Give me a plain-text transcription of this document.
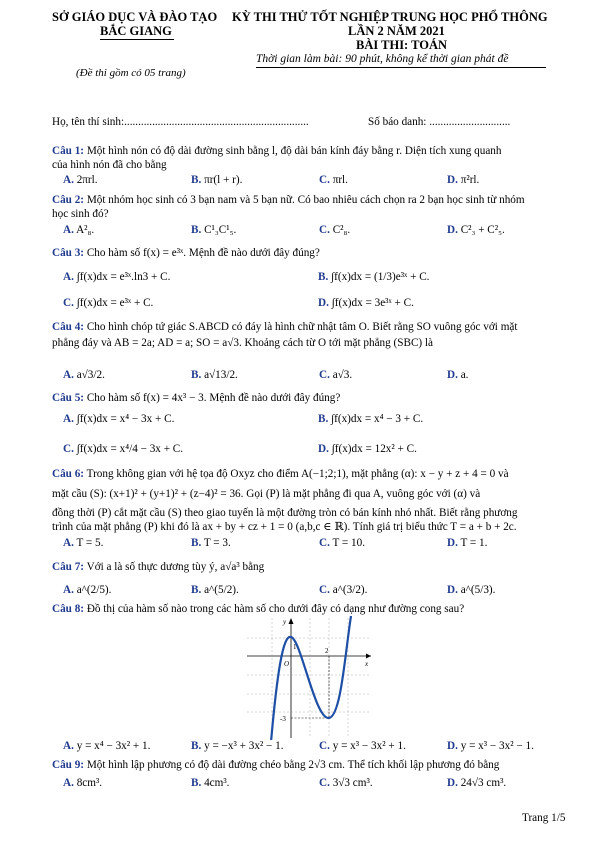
SỞ GIÁO DỤC VÀ ĐÀO TẠO
BẮC GIANG
(Đề thi gồm có 05 trang)
KỲ THI THỬ TỐT NGHIỆP TRUNG HỌC PHỔ THÔNG
LẦN 2 NĂM 2021
BÀI THI: TOÁN
Thời gian làm bài: 90 phút, không kể thời gian phát đề
Họ, tên thí sinh:..................................................................	Số báo danh: .............................
Câu 1: Một hình nón có độ dài đường sinh bằng l, độ dài bán kính đáy bằng r. Diện tích xung quanh
của hình nón đã cho bằng
A. 2πrl.	B. πr(l + r).	C. πrl.	D. π²rl.
Câu 2: Một nhóm học sinh có 3 bạn nam và 5 bạn nữ. Có bao nhiêu cách chọn ra 2 bạn học sinh từ nhóm
học sinh đó?
A. A²₈.	B. C¹₃C¹₅.	C. C²₈.	D. C²₃ + C²₅.
Câu 3: Cho hàm số f(x) = e³ˣ. Mệnh đề nào dưới đây đúng?
A. ∫f(x)dx = e³ˣ.ln3 + C.	B. ∫f(x)dx = (1/3)e³ˣ + C.
C. ∫f(x)dx = e³ˣ + C.	D. ∫f(x)dx = 3e³ˣ + C.
Câu 4: Cho hình chóp tứ giác S.ABCD có đáy là hình chữ nhật tâm O. Biết rằng SO vuông góc với mặt
phẳng đáy và AB = 2a; AD = a; SO = a√3. Khoảng cách từ O tới mặt phẳng (SBC) là
A. a√3/2.	B. a√13/2.	C. a√3.	D. a.
Câu 5: Cho hàm số f(x) = 4x³ − 3. Mệnh đề nào dưới đây đúng?
A. ∫f(x)dx = x⁴ − 3x + C.	B. ∫f(x)dx = x⁴ − 3 + C.
C. ∫f(x)dx = x⁴/4 − 3x + C.	D. ∫f(x)dx = 12x² + C.
Câu 6: Trong không gian với hệ tọa độ Oxyz cho điểm A(−1;2;1), mặt phẳng (α): x − y + z + 4 = 0 và
mặt cầu (S): (x+1)² + (y+1)² + (z−4)² = 36. Gọi (P) là mặt phẳng đi qua A, vuông góc với (α) và
đồng thời (P) cắt mặt cầu (S) theo giao tuyến là một đường tròn có bán kính nhỏ nhất. Biết rằng phương
trình của mặt phẳng (P) khi đó là ax + by + cz + 1 = 0 (a,b,c ∈ ℝ). Tính giá trị biểu thức T = a + b + 2c.
A. T = 5.	B. T = 3.	C. T = 10.	D. T = 1.
Câu 7: Với a là số thực dương tùy ý, a√a³ bằng
A. a^(2/5).	B. a^(5/2).	C. a^(3/2).	D. a^(5/3).
Câu 8: Đồ thị của hàm số nào trong các hàm số cho dưới đây có dạng như đường cong sau?
y
x
O
1	2
-3
A. y = x⁴ − 3x² + 1.	B. y = −x³ + 3x² − 1.	C. y = x³ − 3x² + 1.	D. y = x³ − 3x² − 1.
Câu 9: Một hình lập phương có độ dài đường chéo bằng 2√3 cm. Thể tích khối lập phương đó bằng
A. 8cm³.	B. 4cm³.	C. 3√3 cm³.	D. 24√3 cm³.
Trang 1/5
